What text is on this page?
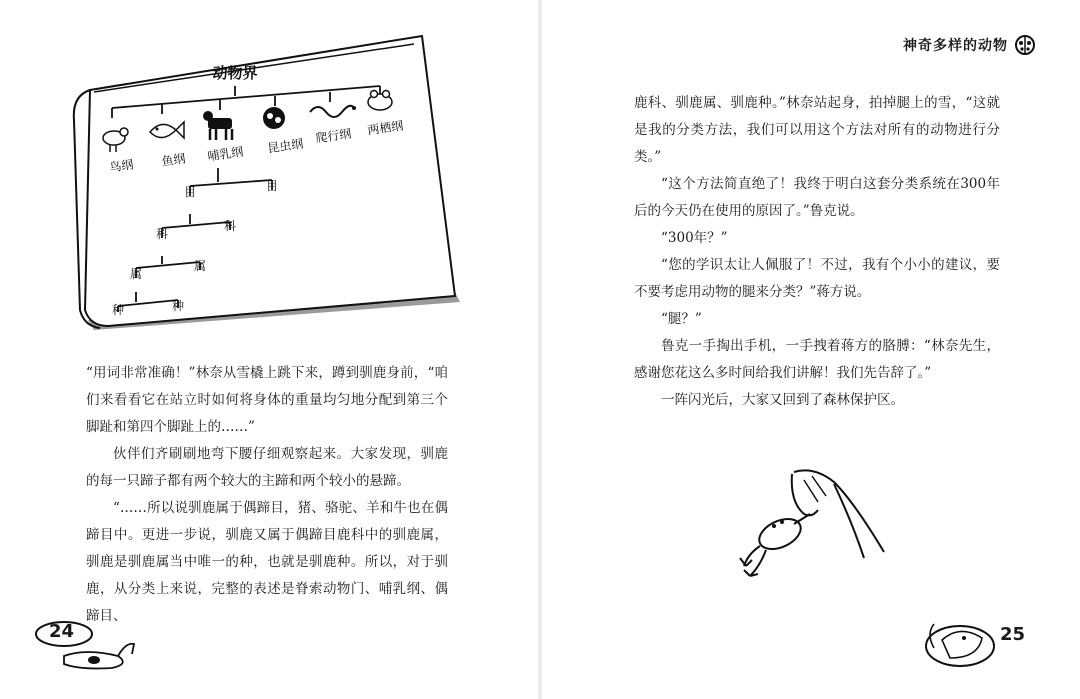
神奇多样的动物
动物界
鸟纲 鱼纲 哺乳纲 昆虫纲
爬行纲 两栖纲
目	目
科
科
属
属
种	种

“用词非常准确！”林奈从雪橇上跳下来，蹲到驯鹿身前，“咱们来看看它在站立时如何将身体的重量均匀地分配到第三个脚趾和第四个脚趾上的……”

伙伴们齐刷刷地弯下腰仔细观察起来。大家发现，驯鹿的每一只蹄子都有两个较大的主蹄和两个较小的悬蹄。

“……所以说驯鹿属于偶蹄目，猪、骆驼、羊和牛也在偶蹄目中。更进一步说，驯鹿又属于偶蹄目鹿科中的驯鹿属，驯鹿是驯鹿属当中唯一的种，也就是驯鹿种。所以，对于驯鹿，从分类上来说，完整的表述是脊索动物门、哺乳纲、偶蹄目、

鹿科、驯鹿属、驯鹿种。”林奈站起身，拍掉腿上的雪，“这就是我的分类方法，我们可以用这个方法对所有的动物进行分类。”

“这个方法简直绝了！我终于明白这套分类系统在300年后的今天仍在使用的原因了。”鲁克说。

“300年？”

“您的学识太让人佩服了！不过，我有个小小的建议，要不要考虑用动物的腿来分类？”蒋方说。

“腿？”

鲁克一手掏出手机，一手拽着蒋方的胳膊：“林奈先生，感谢您花这么多时间给我们讲解！我们先告辞了。”

一阵闪光后，大家又回到了森林保护区。

24	25
